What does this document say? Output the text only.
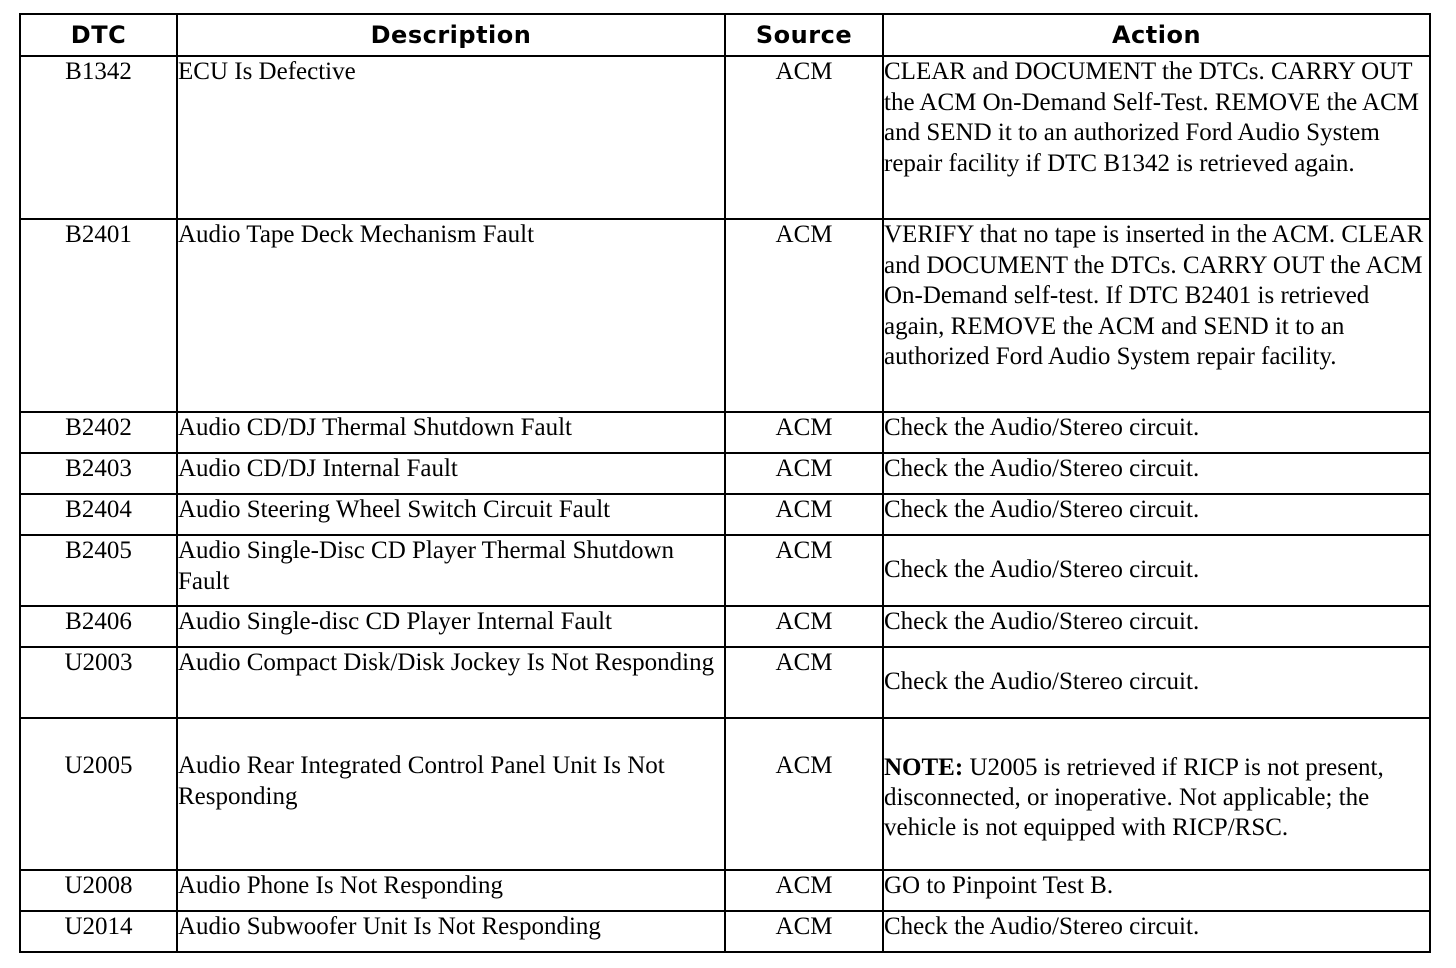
DTC	Description	Source	Action
B1342	ECU Is Defective	ACM	CLEAR and DOCUMENT the DTCs. CARRY OUT the ACM On-Demand Self-Test. REMOVE the ACM and SEND it to an authorized Ford Audio System repair facility if DTC B1342 is retrieved again.
B2401	Audio Tape Deck Mechanism Fault	ACM	VERIFY that no tape is inserted in the ACM. CLEAR and DOCUMENT the DTCs. CARRY OUT the ACM On-Demand self-test. If DTC B2401 is retrieved again, REMOVE the ACM and SEND it to an authorized Ford Audio System repair facility.
B2402	Audio CD/DJ Thermal Shutdown Fault	ACM	Check the Audio/Stereo circuit.
B2403	Audio CD/DJ Internal Fault	ACM	Check the Audio/Stereo circuit.
B2404	Audio Steering Wheel Switch Circuit Fault	ACM	Check the Audio/Stereo circuit.
B2405	Audio Single-Disc CD Player Thermal Shutdown Fault	ACM	Check the Audio/Stereo circuit.
B2406	Audio Single-disc CD Player Internal Fault	ACM	Check the Audio/Stereo circuit.
U2003	Audio Compact Disk/Disk Jockey Is Not Responding	ACM	Check the Audio/Stereo circuit.
U2005	Audio Rear Integrated Control Panel Unit Is Not Responding	ACM	NOTE: U2005 is retrieved if RICP is not present, disconnected, or inoperative. Not applicable; the vehicle is not equipped with RICP/RSC.
U2008	Audio Phone Is Not Responding	ACM	GO to Pinpoint Test B.
U2014	Audio Subwoofer Unit Is Not Responding	ACM	Check the Audio/Stereo circuit.
